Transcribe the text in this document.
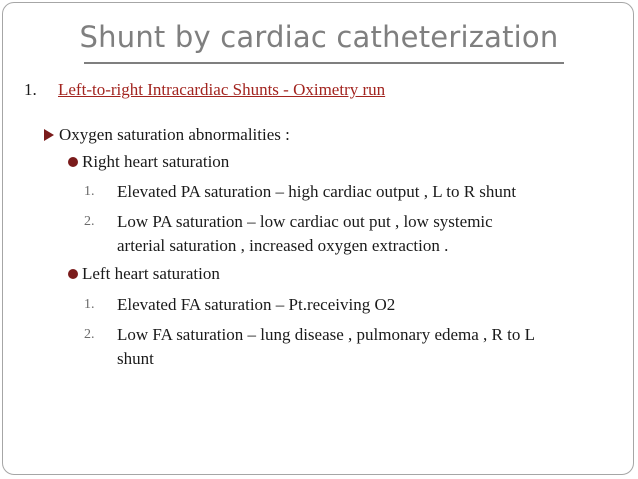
Shunt by cardiac catheterization
1. Left-to-right Intracardiac Shunts - Oximetry run
Oxygen saturation abnormalities :
Right heart saturation
1. Elevated PA saturation – high cardiac output , L to R shunt
2. Low PA saturation – low cardiac out put , low systemic
arterial saturation , increased oxygen extraction .
Left heart saturation
1. Elevated FA saturation – Pt.receiving O2
2. Low FA saturation – lung disease , pulmonary edema , R to L
shunt
